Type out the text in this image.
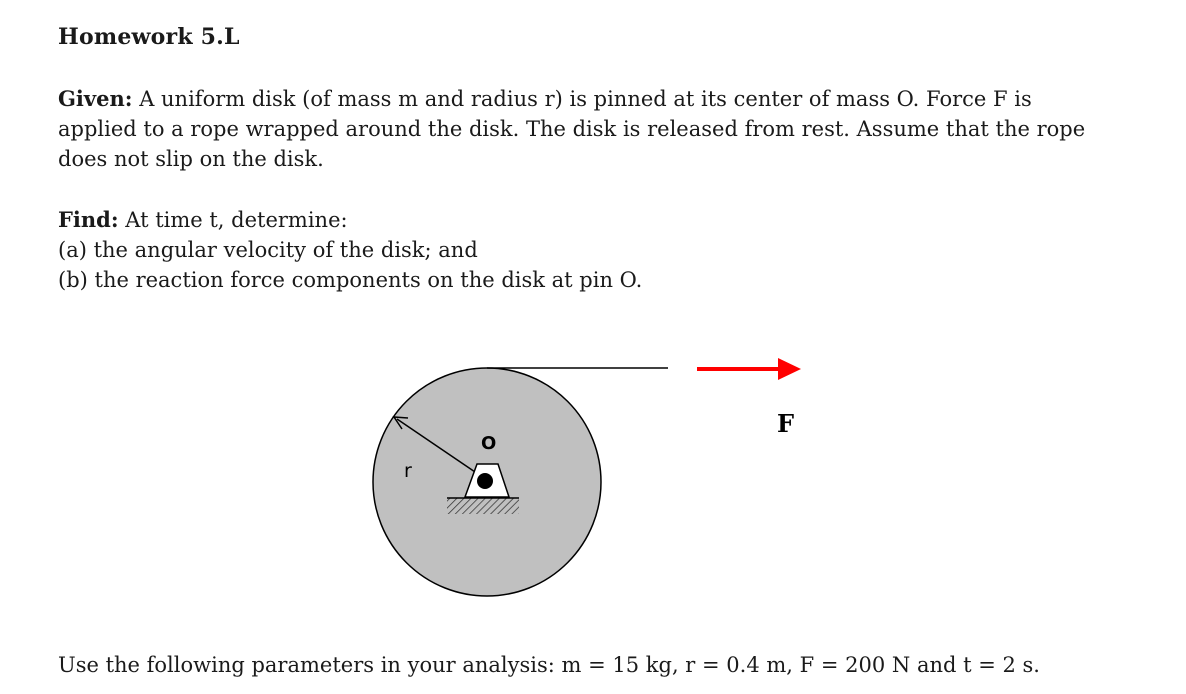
Homework 5.L
Given: A uniform disk (of mass m and radius r) is pinned at its center of mass O. Force F is
applied to a rope wrapped around the disk. The disk is released from rest. Assume that the rope
does not slip on the disk.
Find: At time t, determine:
(a) the angular velocity of the disk; and
(b) the reaction force components on the disk at pin O.
F
r
O
Use the following parameters in your analysis: m = 15 kg, r = 0.4 m, F = 200 N and t = 2 s.
